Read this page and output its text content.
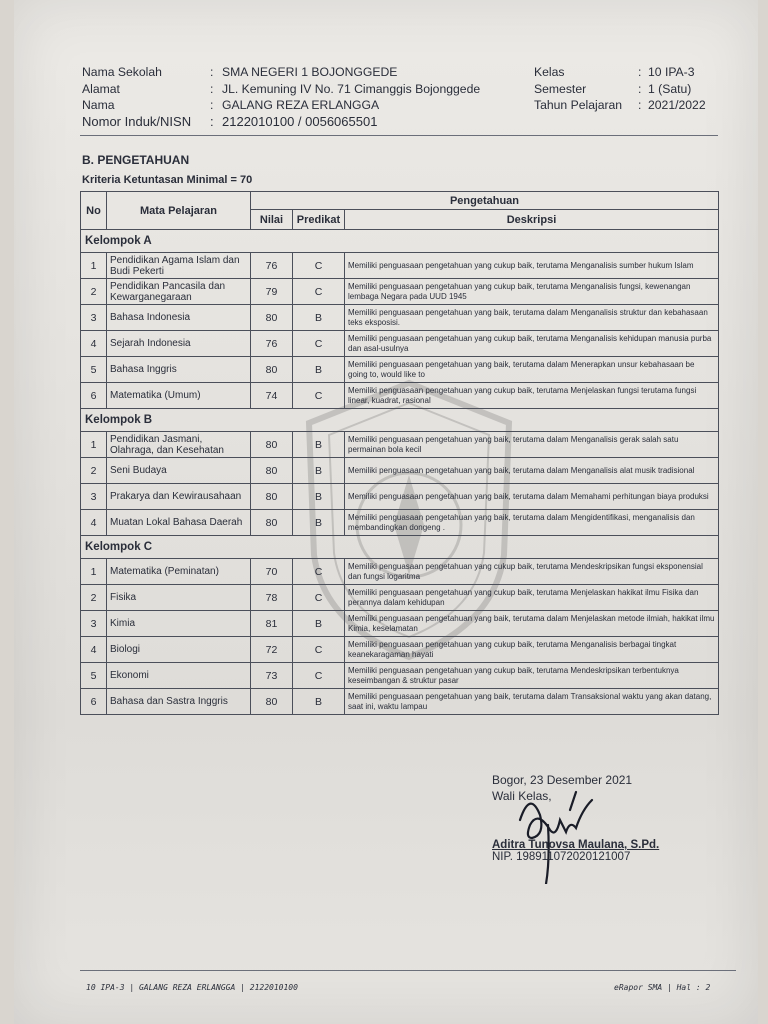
Nama Sekolah	: SMA NEGERI 1 BOJONGGEDE
Alamat	: JL. Kemuning IV No. 71 Cimanggis Bojonggede
Nama	: GALANG REZA ERLANGGA
Nomor Induk/NISN	: 2122010100 / 0056065501
Kelas	: 10 IPA-3
Semester	: 1 (Satu)
Tahun Pelajaran	: 2021/2022
B. PENGETAHUAN
Kriteria Ketuntasan Minimal = 70
No	Mata Pelajaran	Pengetahuan		
		Nilai	Predikat	Deskripsi
Kelompok A				
1	Pendidikan Agama Islam dan Budi Pekerti	76	C	Memiliki penguasaan pengetahuan yang cukup baik, terutama Menganalisis sumber hukum Islam
2	Pendidikan Pancasila dan Kewarganegaraan	79	C	Memiliki penguasaan pengetahuan yang cukup baik, terutama Menganalisis fungsi, kewenangan lembaga Negara pada UUD 1945
3	Bahasa Indonesia	80	B	Memiliki penguasaan pengetahuan yang baik, terutama dalam Menganalisis struktur dan kebahasaan teks eksposisi.
4	Sejarah Indonesia	76	C	Memiliki penguasaan pengetahuan yang cukup baik, terutama Menganalisis kehidupan manusia purba dan asal-usulnya
5	Bahasa Inggris	80	B	Memiliki penguasaan pengetahuan yang baik, terutama dalam Menerapkan unsur kebahasaan be going to, would like to
6	Matematika (Umum)	74	C	Memiliki penguasaan pengetahuan yang cukup baik, terutama Menjelaskan fungsi terutama fungsi linear, kuadrat, rasional
Kelompok B				
1	Pendidikan Jasmani, Olahraga, dan Kesehatan	80	B	Memiliki penguasaan pengetahuan yang baik, terutama dalam Menganalisis gerak salah satu permainan bola kecil
2	Seni Budaya	80	B	Memiliki penguasaan pengetahuan yang baik, terutama dalam Menganalisis alat musik tradisional
3	Prakarya dan Kewirausahaan	80	B	Memiliki penguasaan pengetahuan yang baik, terutama dalam Memahami perhitungan biaya produksi
4	Muatan Lokal Bahasa Daerah	80	B	Memiliki penguasaan pengetahuan yang baik, terutama dalam Mengidentifikasi, menganalisis dan membandingkan dongeng .
Kelompok C				
1	Matematika (Peminatan)	70	C	Memiliki penguasaan pengetahuan yang cukup baik, terutama Mendeskripsikan fungsi eksponensial dan fungsi logaritma
2	Fisika	78	C	Memiliki penguasaan pengetahuan yang cukup baik, terutama Menjelaskan hakikat ilmu Fisika dan perannya dalam kehidupan
3	Kimia	81	B	Memiliki penguasaan pengetahuan yang baik, terutama dalam Menjelaskan metode ilmiah, hakikat ilmu Kimia, keselamatan
4	Biologi	72	C	Memiliki penguasaan pengetahuan yang cukup baik, terutama Menganalisis berbagai tingkat keanekaragaman hayati
5	Ekonomi	73	C	Memiliki penguasaan pengetahuan yang cukup baik, terutama Mendeskripsikan terbentuknya keseimbangan & struktur pasar
6	Bahasa dan Sastra Inggris	80	B	Memiliki penguasaan pengetahuan yang baik, terutama dalam Transaksional waktu yang akan datang, saat ini, waktu lampau
Bogor, 23 Desember 2021
Wali Kelas,
Aditra Tunovsa Maulana, S.Pd.
NIP. 198911072020121007
10 IPA-3 | GALANG REZA ERLANGGA | 2122010100	eRapor SMA | Hal : 2
